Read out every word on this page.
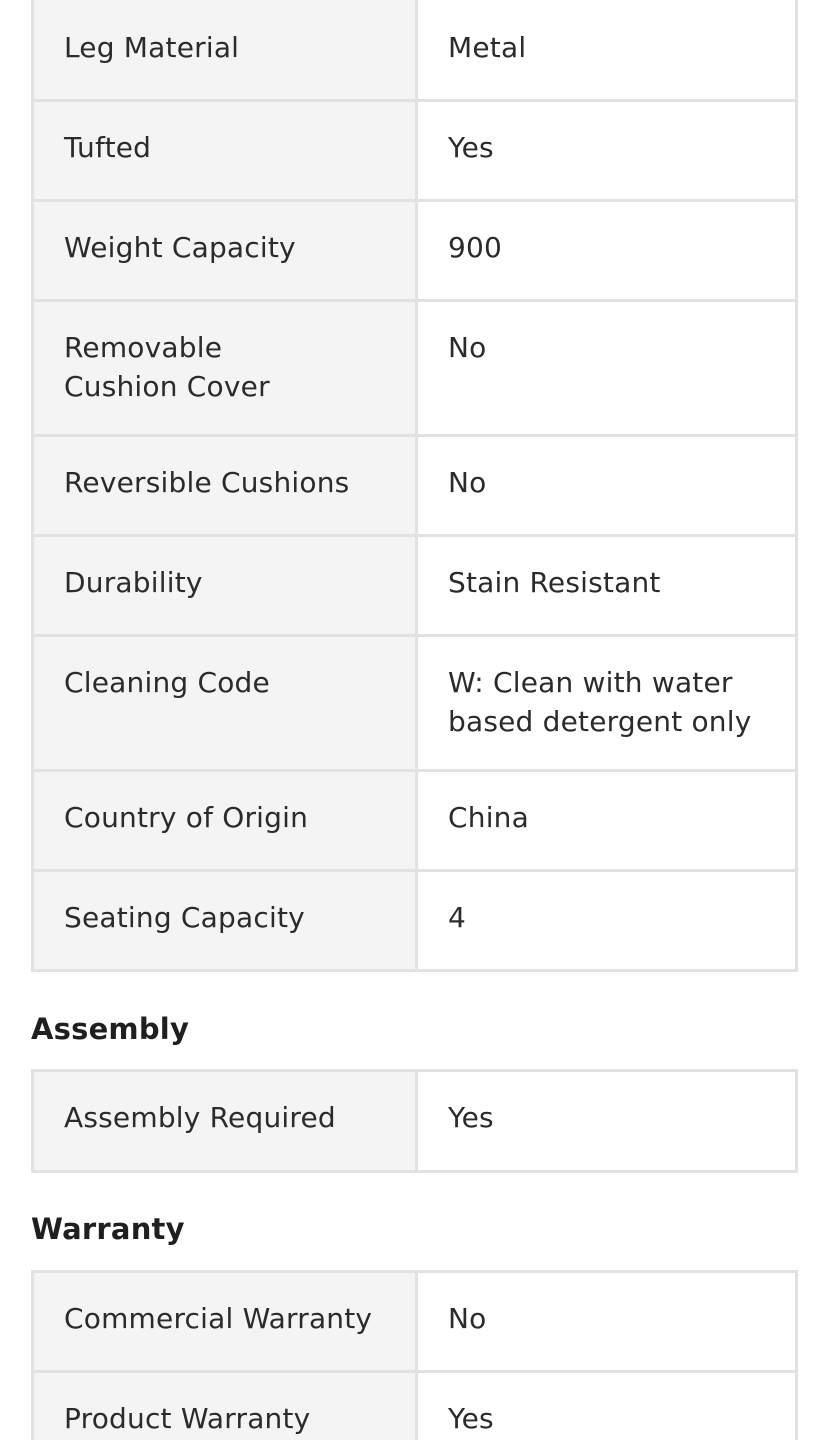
Leg Material	Metal
Tufted	Yes
Weight Capacity	900
Removable Cushion Cover	No
Reversible Cushions	No
Durability	Stain Resistant
Cleaning Code	W: Clean with water based detergent only
Country of Origin	China
Seating Capacity	4
Assembly
Assembly Required	Yes
Warranty
Commercial Warranty	No
Product Warranty	Yes
